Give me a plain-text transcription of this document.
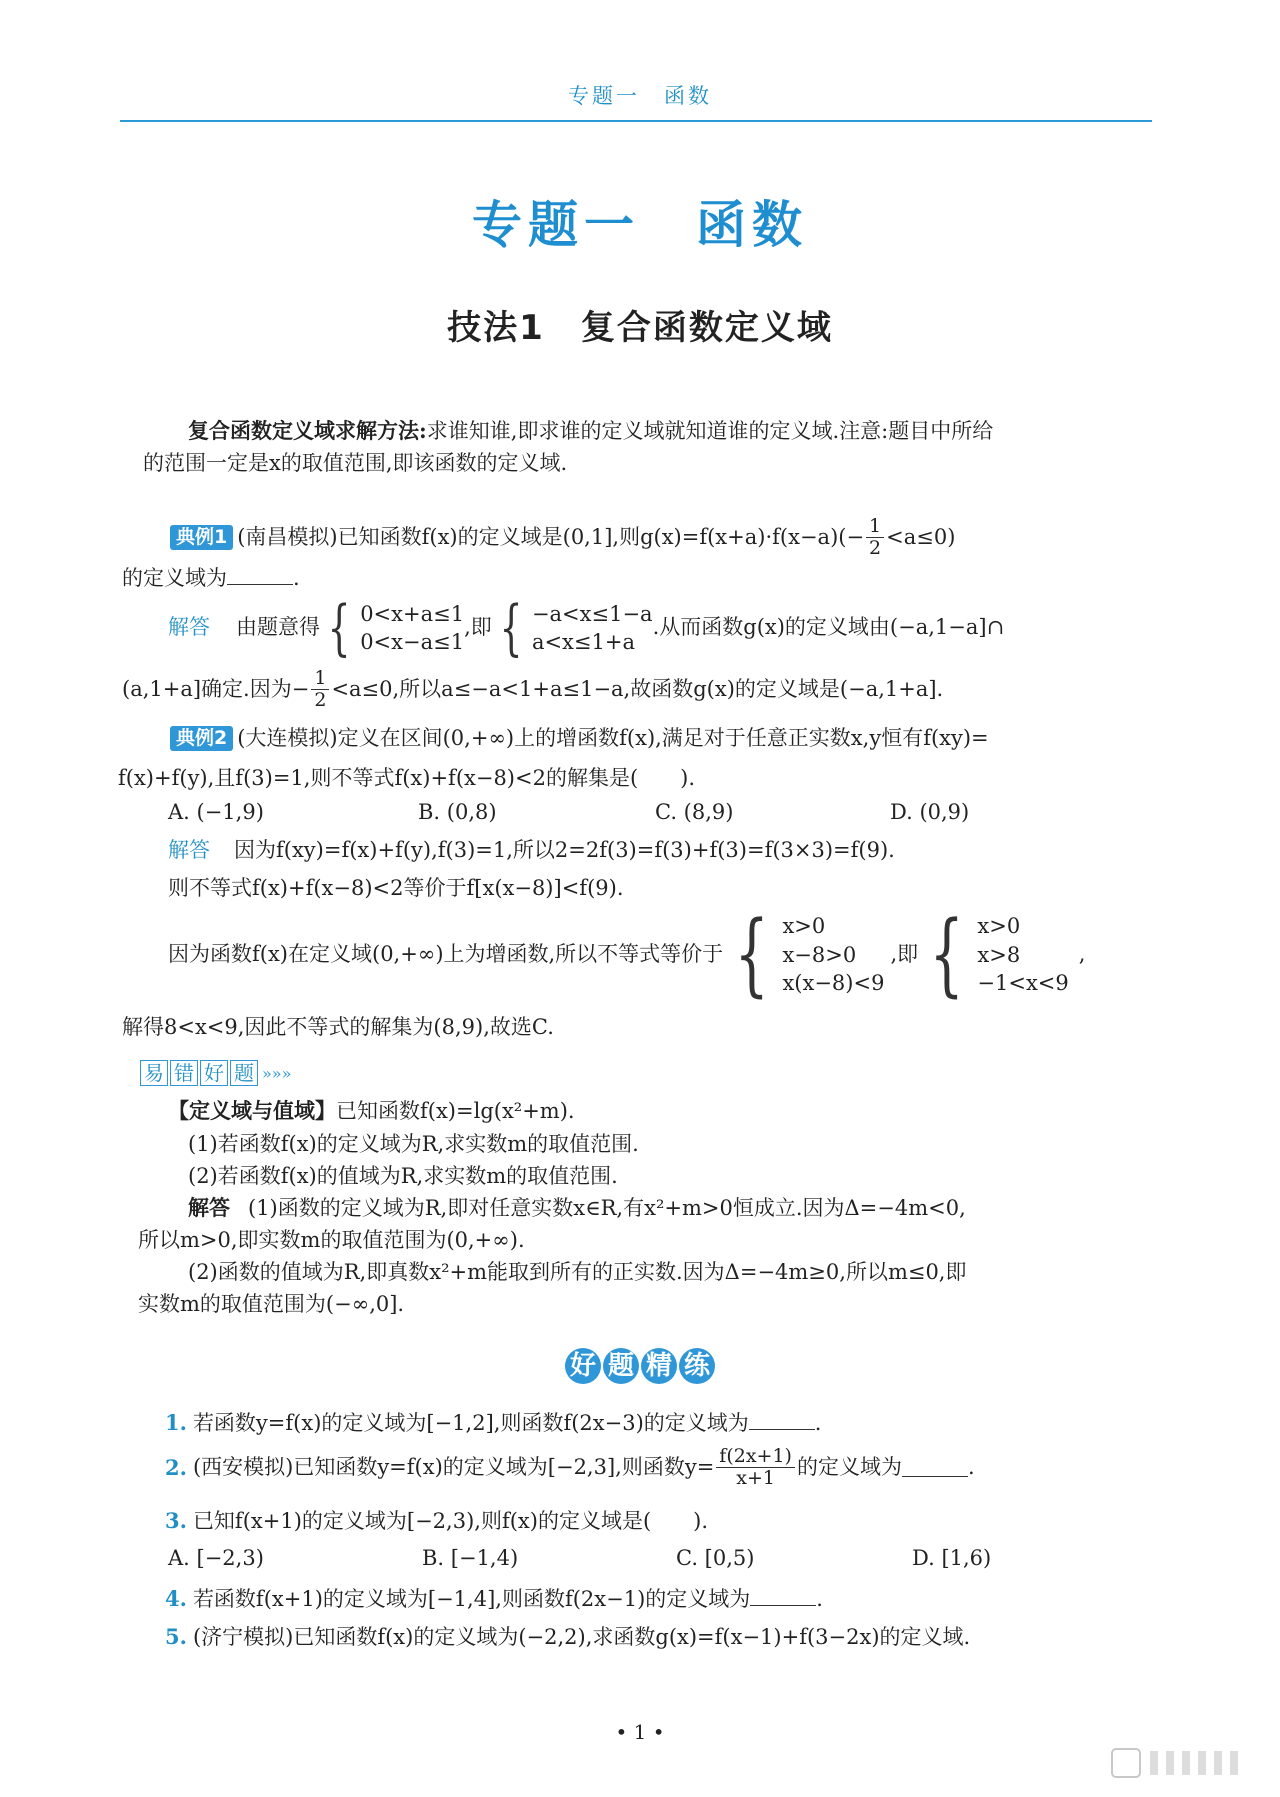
专题一　函数
专题一　函数
技法1　复合函数定义域
复合函数定义域求解方法:求谁知谁,即求谁的定义域就知道谁的定义域.注意:题目中所给
的范围一定是x的取值范围,即该函数的定义域.
典例1 (南昌模拟)已知函数f(x)的定义域是(0,1],则$g(x)=f(x+a)\cdot f(x-a)(- \frac{1}{2} <a\le 0)$
的定义域为	.
解答 由题意得 { 0<x+a≤1
0<x−a≤1
,即 { −a<x≤1−a
a<x≤1+a
.从而函数g(x)的定义域由(−a,1−a]∩
(a,1+a]确定.因为− $\frac{1}{2} <a\le 0$,所以a≤−a<1+a≤1−a,故函数g(x)的定义域是(−a,1+a].
典例2 (大连模拟)定义在区间(0,+∞)上的增函数f(x),满足对于任意正实数x,y恒有f(xy)=
f(x)+f(y),且f(3)=1,则不等式f(x)+f(x−8)<2的解集是(　　).
A. (−1,9)	B. (0,8)	C. (8,9)	D. (0,9)
解答 因为f(xy)=f(x)+f(y),f(3)=1,所以2=2f(3)=f(3)+f(3)=f(3×3)=f(9).
则不等式f(x)+f(x−8)<2等价于f[x(x−8)]<f(9).
因为函数f(x)在定义域(0,+∞)上为增函数,所以不等式等价于 { x>0
x−8>0
x(x−8)<9
,即 { x>0
x>8
−1<x<9
,
解得8<x<9,因此不等式的解集为(8,9),故选C.
易 错 好 题 »»»
【定义域与值域】已知函数f(x)=lg(x²+m).
(1)若函数f(x)的定义域为R,求实数m的取值范围.
(2)若函数f(x)的值域为R,求实数m的取值范围.
解答 (1)函数的定义域为R,即对任意实数x∈R,有x²+m>0恒成立.因为Δ=−4m<0,
所以m>0,即实数m的取值范围为(0,+∞).
(2)函数的值域为R,即真数x²+m能取到所有的正实数.因为Δ=−4m≥0,所以m≤0,即
实数m的取值范围为(−∞,0].
好 题 精 练
1. 若函数y=f(x)的定义域为[−1,2],则函数f(2x−3)的定义域为	.
2. (西安模拟)已知函数y=f(x)的定义域为[−2,3],则函数$y= \frac{f(2x+1)}{x+1}$ 的定义域为	.
3. 已知f(x+1)的定义域为[−2,3),则f(x)的定义域是(　　).
A. [−2,3)	B. [−1,4)	C. [0,5)	D. [1,6)
4. 若函数f(x+1)的定义域为[−1,4],则函数f(2x−1)的定义域为	.
5. (济宁模拟)已知函数f(x)的定义域为(−2,2),求函数g(x)=f(x−1)+f(3−2x)的定义域.
• 1 •
